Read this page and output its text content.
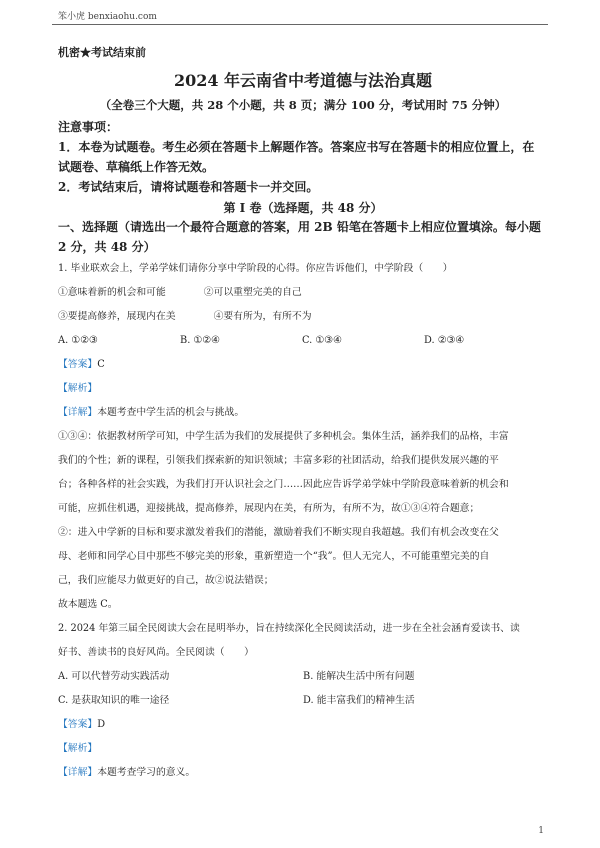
笨小虎 benxiaohu.com
机密★考试结束前
2024 年云南省中考道德与法治真题
（全卷三个大题，共 28 个小题，共 8 页；满分 100 分，考试用时 75 分钟）
注意事项：
1．本卷为试题卷。考生必须在答题卡上解题作答。答案应书写在答题卡的相应位置上，在
试题卷、草稿纸上作答无效。
2．考试结束后，请将试题卷和答题卡一并交回。
第 I 卷（选择题，共 48 分）
一、选择题（请选出一个最符合题意的答案，用 2B 铅笔在答题卡上相应位置填涂。每小题
2 分，共 48 分）
1. 毕业联欢会上，学弟学妹们请你分享中学阶段的心得。你应告诉他们，中学阶段（　　）
①意味着新的机会和可能	②可以重塑完美的自己
③要提高修养，展现内在美	④要有所为，有所不为
A. ①②③	B. ①②④	C. ①③④	D. ②③④
【答案】C
【解析】
【详解】本题考查中学生活的机会与挑战。
①③④：依据教材所学可知，中学生活为我们的发展提供了多种机会。集体生活，涵养我们的品格，丰富
我们的个性；新的课程，引领我们探索新的知识领域；丰富多彩的社团活动，给我们提供发展兴趣的平
台；各种各样的社会实践，为我们打开认识社会之门……因此应告诉学弟学妹中学阶段意味着新的机会和
可能，应抓住机遇，迎接挑战，提高修养，展现内在美，有所为，有所不为，故①③④符合题意；
②：进入中学新的目标和要求激发着我们的潜能，激励着我们不断实现自我超越。我们有机会改变在父
母、老师和同学心目中那些不够完美的形象，重新塑造一个“我”。但人无完人，不可能重塑完美的自
己，我们应能尽力做更好的自己，故②说法错误；
故本题选 C。
2. 2024 年第三届全民阅读大会在昆明举办，旨在持续深化全民阅读活动，进一步在全社会涵育爱读书、读
好书、善读书的良好风尚。全民阅读（　　）
A. 可以代替劳动实践活动	B. 能解决生活中所有问题
C. 是获取知识的唯一途径	D. 能丰富我们的精神生活
【答案】D
【解析】
【详解】本题考查学习的意义。
1
